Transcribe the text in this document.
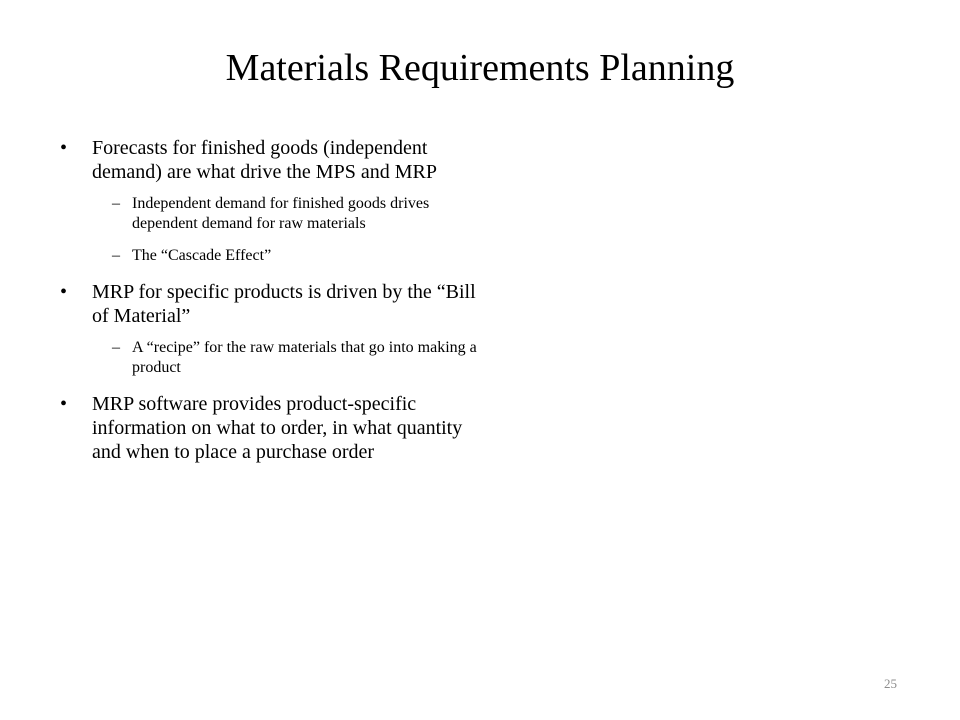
Materials Requirements Planning
• Forecasts for finished goods (independent demand) are what drive the MPS and MRP
– Independent demand for finished goods drives dependent demand for raw materials
– The “Cascade Effect”
• MRP for specific products is driven by the “Bill of Material”
– A “recipe” for the raw materials that go into making a product
• MRP software provides product-specific information on what to order, in what quantity and when to place a purchase order
25
